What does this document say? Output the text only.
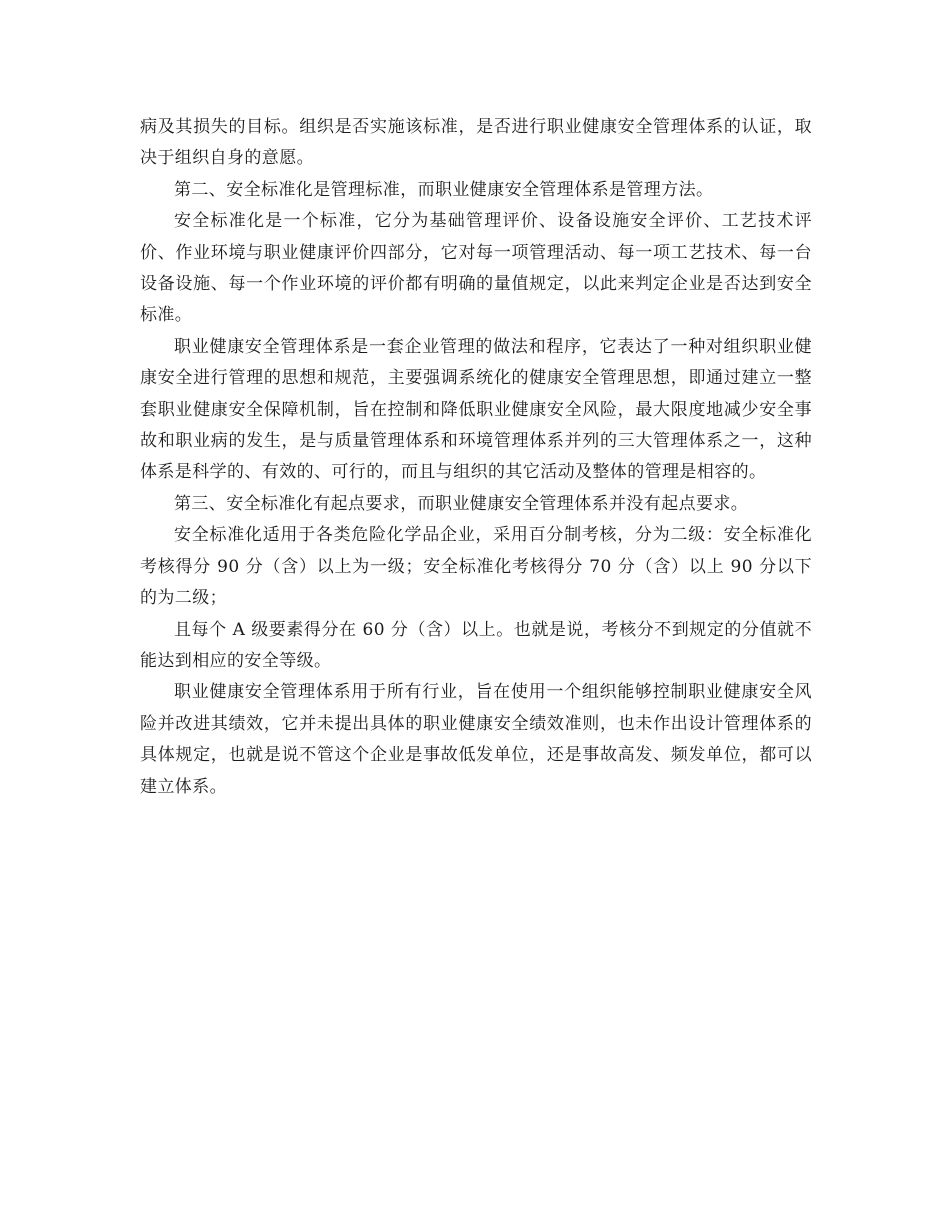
病及其损失的目标。组织是否实施该标准，是否进行职业健康安全管理体系的认证，取决于组织自身的意愿。

第二、安全标准化是管理标准，而职业健康安全管理体系是管理方法。

安全标准化是一个标准，它分为基础管理评价、设备设施安全评价、工艺技术评价、作业环境与职业健康评价四部分，它对每一项管理活动、每一项工艺技术、每一台设备设施、每一个作业环境的评价都有明确的量值规定，以此来判定企业是否达到安全标准。

职业健康安全管理体系是一套企业管理的做法和程序，它表达了一种对组织职业健康安全进行管理的思想和规范，主要强调系统化的健康安全管理思想，即通过建立一整套职业健康安全保障机制，旨在控制和降低职业健康安全风险，最大限度地减少安全事故和职业病的发生，是与质量管理体系和环境管理体系并列的三大管理体系之一，这种体系是科学的、有效的、可行的，而且与组织的其它活动及整体的管理是相容的。

第三、安全标准化有起点要求，而职业健康安全管理体系并没有起点要求。

安全标准化适用于各类危险化学品企业，采用百分制考核，分为二级：安全标准化考核得分 90 分（含）以上为一级；安全标准化考核得分 70 分（含）以上 90 分以下的为二级；

且每个 A 级要素得分在 60 分（含）以上。也就是说，考核分不到规定的分值就不能达到相应的安全等级。

职业健康安全管理体系用于所有行业，旨在使用一个组织能够控制职业健康安全风险并改进其绩效，它并未提出具体的职业健康安全绩效准则，也未作出设计管理体系的具体规定，也就是说不管这个企业是事故低发单位，还是事故高发、频发单位，都可以建立体系。
